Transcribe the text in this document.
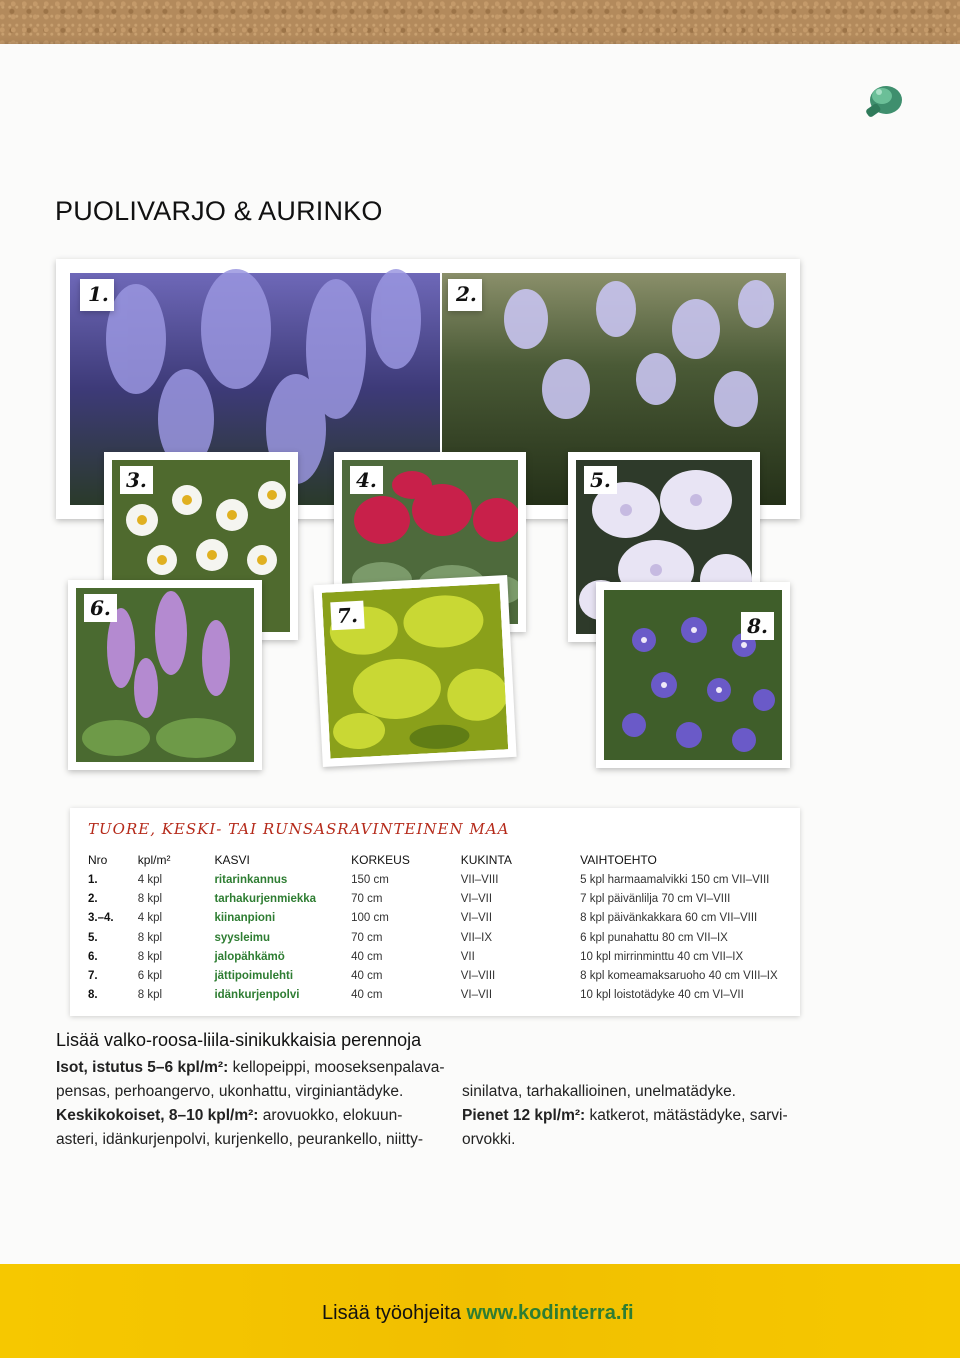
PUOLIVARJO & AURINKO
1.	2.
3.	4.	5.
6.	7.	8.
TUORE, KESKI- TAI RUNSASRAVINTEINEN MAA
Nro	kpl/m²	KASVI	KORKEUS	KUKINTA	VAIHTOEHTO
1.	4 kpl	ritarinkannus	150 cm	VII–VIII	5 kpl harmaamalvikki 150 cm VII–VIII
2.	8 kpl	tarhakurjenmiekka	70 cm	VI–VII	7 kpl päivänlilja 70 cm VI–VIII
3.–4.	4 kpl	kiinanpioni	100 cm	VI–VII	8 kpl päivänkakkara 60 cm VII–VIII
5.	8 kpl	syysleimu	70 cm	VII–IX	6 kpl punahattu 80 cm VII–IX
6.	8 kpl	jalopähkämö	40 cm	VII	10 kpl mirrinminttu 40 cm VII–IX
7.	6 kpl	jättipoimulehti	40 cm	VI–VIII	8 kpl komeamaksaruoho 40 cm VIII–IX
8.	8 kpl	idänkurjenpolvi	40 cm	VI–VII	10 kpl loistotädyke 40 cm VI–VII
Lisää valko-roosa-liila-sinikukkaisia perennoja
Isot, istutus 5–6 kpl/m²: kellopeippi, mooseksenpalava-
pensas, perhoangervo, ukonhattu, virginiantädyke.
Keskikokoiset, 8–10 kpl/m²: arovuokko, elokuun-
asteri, idänkurjenpolvi, kurjenkello, peurankello, niitty-
sinilatva, tarhakallioinen, unelmatädyke.
Pienet 12 kpl/m²: katkerot, mätästädyke, sarvi-
orvokki.

Lisää työohjeita www.kodinterra.fi
